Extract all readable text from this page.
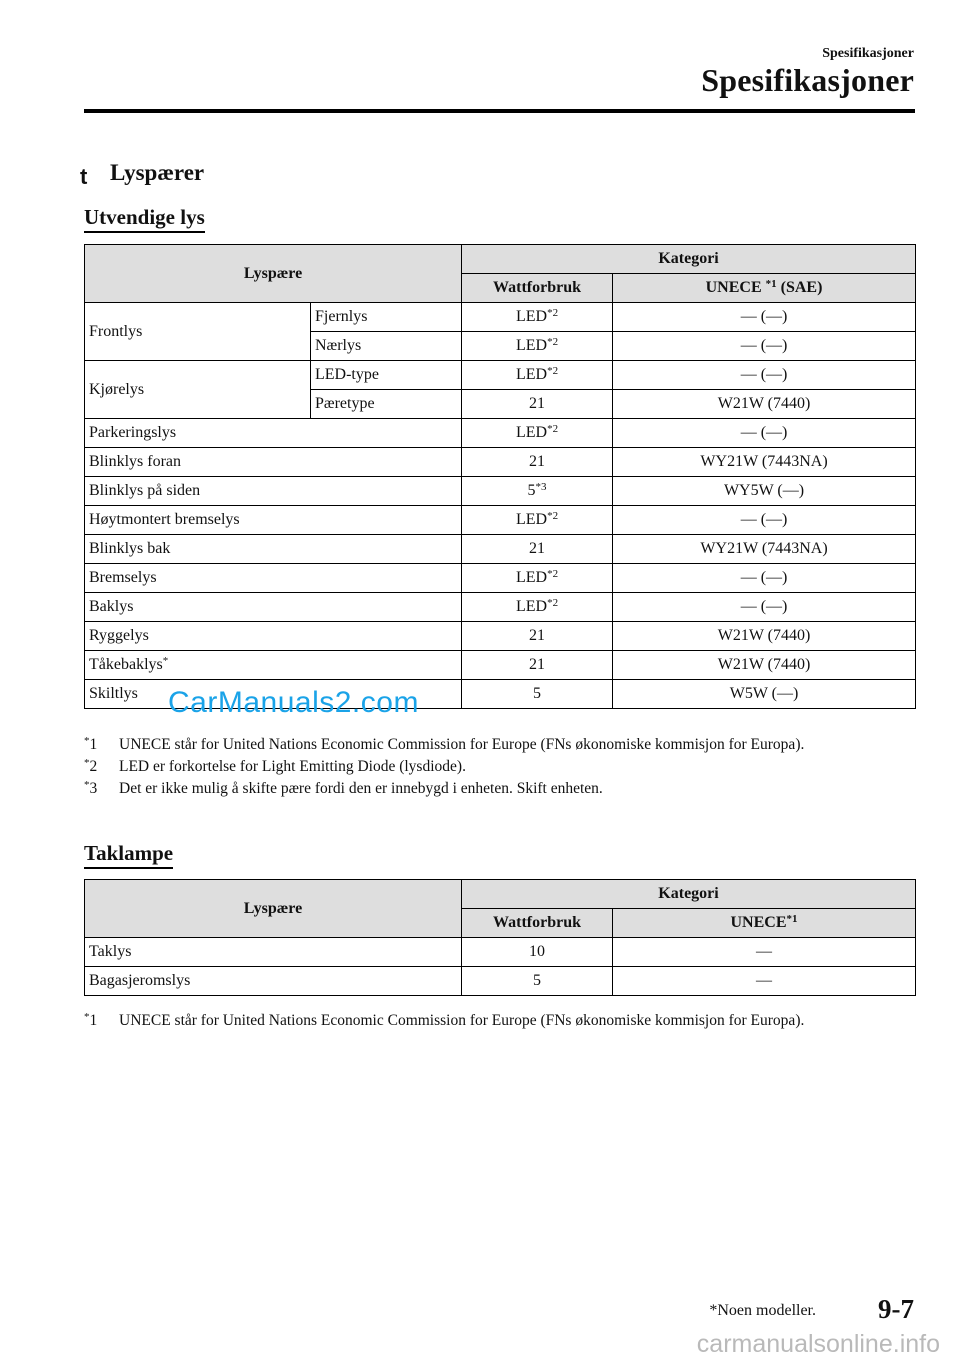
Spesifikasjoner
Spesifikasjoner
t Lyspærer
Utvendige lys
Lyspære		Kategori	
		Wattforbruk	UNECE $^{*1}$ (SAE)
Frontlys	Fjernlys	LED$^{*2}$	— (—)
	Nærlys	LED$^{*2}$	— (—)
Kjørelys	LED-type	LED$^{*2}$	— (—)
	Pæretype	21	W21W (7440)
Parkeringslys		LED$^{*2}$	— (—)
Blinklys foran		21	WY21W (7443NA)
Blinklys på siden		5$^{*3}$	WY5W (—)
Høytmontert bremselys		LED$^{*2}$	— (—)
Blinklys bak		21	WY21W (7443NA)
Bremselys		LED$^{*2}$	— (—)
Baklys		LED$^{*2}$	— (—)
Ryggelys		21	W21W (7440)
Tåkebaklys*		21	W21W (7440)
Skiltlys		5	W5W (—)
*1 UNECE står for United Nations Economic Commission for Europe (FNs økonomiske kommisjon for Europa).
*2 LED er forkortelse for Light Emitting Diode (lysdiode).
*3 Det er ikke mulig å skifte pære fordi den er innebygd i enheten. Skift enheten.
CarManuals2.com
Taklampe
Lyspære	Kategori	
	Wattforbruk	UNECE$^{*1}$
Taklys	10	—
Bagasjeromslys	5	—
*1 UNECE står for United Nations Economic Commission for Europe (FNs økonomiske kommisjon for Europa).
*Noen modeller. 9-7
carmanualsonline.info
